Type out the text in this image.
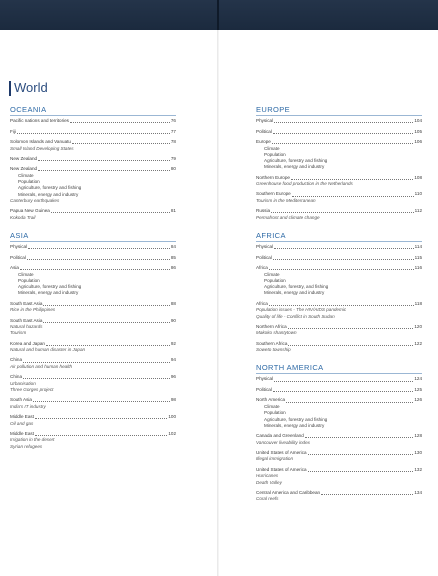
World
OCEANIA
Pacific nations and territories	76
Fiji	77
Solomon Islands and Vanuatu	78
Small Island Developing States
New Zealand	79
New Zealand	80
Climate
Population
Agriculture, forestry and fishing
Minerals, energy and industry
Canterbury earthquakes
Papua New Guinea	81
Kokoda Trail
ASIA
Physical	84
Political	85
Asia	86
Climate
Population
Agriculture, forestry and fishing
Minerals, energy and industry
South East Asia	88
Rice in the Philippines
South East Asia	90
Natural hazards
Tourism
Korea and Japan	92
Natural and human disaster in Japan
China	94
Air pollution and human health
China	96
Urbanisation
Three Gorges project
South Asia	98
India's IT industry
Middle East	100
Oil and gas
Middle East	102
Irrigation in the desert
Syrian refugees
EUROPE
Physical	104
Political	105
Europe	106
Climate
Population
Agriculture, forestry and fishing
Minerals, energy and industry
Northern Europe	108
Greenhouse food production in the Netherlands
Southern Europe	110
Tourism in the Mediterranean
Russia	112
Permafrost and climate change
AFRICA
Physical	114
Political	115
Africa	116
Climate
Population
Agriculture, forestry, and fishing
Minerals, energy and industry
Africa	118
Population issues - The HIV/AIDS pandemic
Quality of life - Conflict in South Sudan
Northern Africa	120
Makoko shantytown
Southern Africa	122
Soweto township
NORTH AMERICA
Physical	124
Political	125
North America	126
Climate
Population
Agriculture, forestry and fishing
Minerals, energy and industry
Canada and Greenland	128
Vancouver liveability index
United States of America	130
Illegal immigration
United States of America	132
Hurricanes
Death Valley
Central America and Caribbean	134
Coral reefs
